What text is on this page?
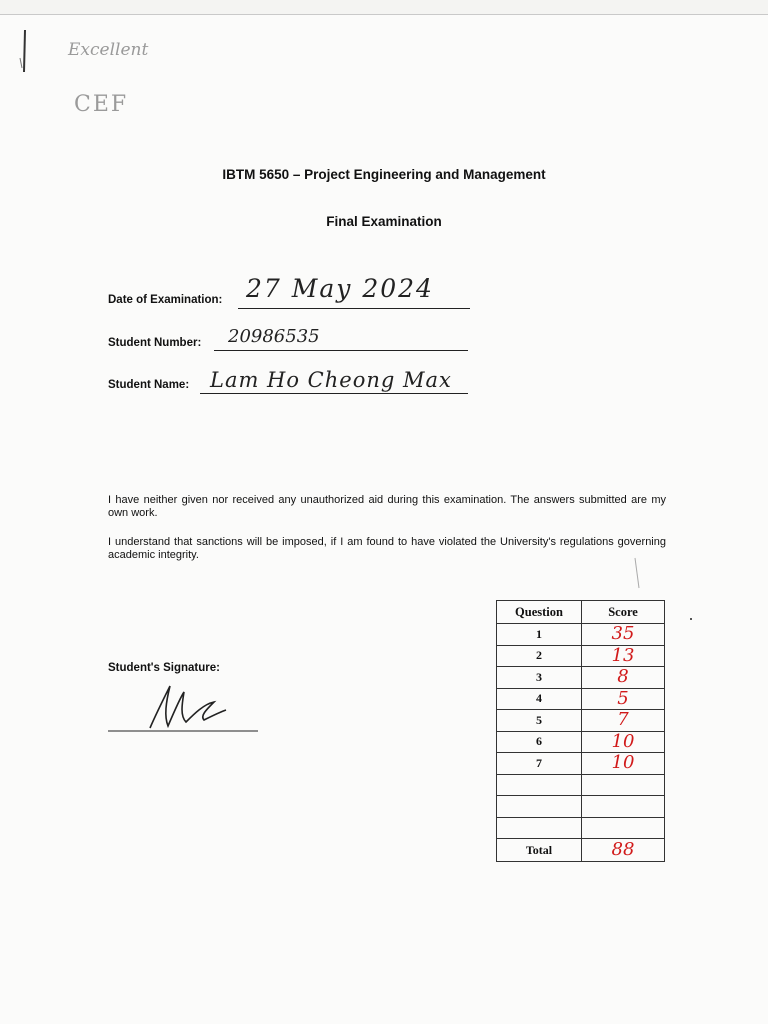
Excellent
CEF
IBTM 5650 – Project Engineering and Management
Final Examination
Date of Examination: 27 May 2024
Student Number: 20986535
Student Name: Lam Ho Cheong Max
I have neither given nor received any unauthorized aid during this examination. The answers submitted are my own work.
I understand that sanctions will be imposed, if I am found to have violated the University's regulations governing academic integrity.
Student's Signature:
Question	Score
1	35
2	13
3	8
4	5
5	7
6	10
7	10

Total	88
